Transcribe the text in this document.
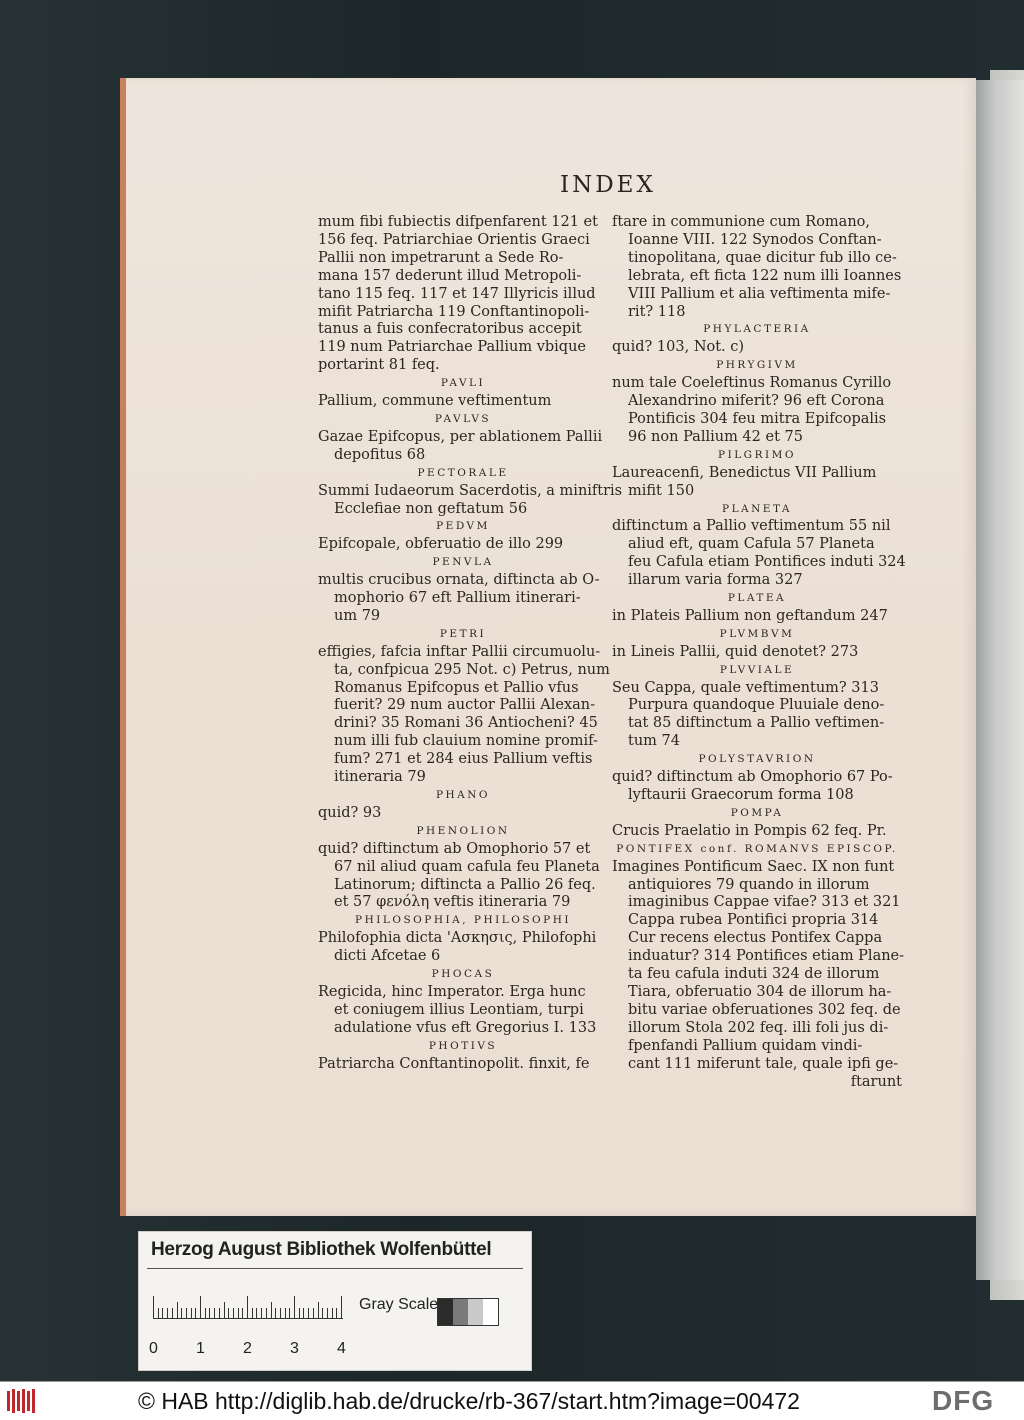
INDEX
mum fibi fubiectis difpenfarent 121 et
156 feq. Patriarchiae Orientis Graeci
Pallii non impetrarunt a Sede Ro-
mana 157 dederunt illud Metropoli-
tano 115 feq. 117 et 147 Illyricis illud
mifit Patriarcha 119 Conftantinopoli-
tanus a fuis confecratoribus accepit
119 num Patriarchae Pallium vbique
portarint 81 feq.
PAVLI
Pallium, commune veftimentum
PAVLVS
Gazae Epifcopus, per ablationem Pallii
depofitus 68
PECTORALE
Summi Iudaeorum Sacerdotis, a miniftris
Ecclefiae non geftatum 56
PEDVM
Epifcopale, obferuatio de illo 299
PENVLA
multis crucibus ornata, diftincta ab O-
mophorio 67 eft Pallium itinerari-
um 79
PETRI
effigies, fafcia inftar Pallii circumuolu-
ta, confpicua 295 Not. c) Petrus, num
Romanus Epifcopus et Pallio vfus
fuerit? 29 num auctor Pallii Alexan-
drini? 35 Romani 36 Antiocheni? 45
num illi fub clauium nomine promif-
fum? 271 et 284 eius Pallium veftis
itineraria 79
PHANO
quid? 93
PHENOLION
quid? diftinctum ab Omophorio 57 et
67 nil aliud quam cafula feu Planeta
Latinorum; diftincta a Pallio 26 feq.
et 57 φενόλη veftis itineraria 79
PHILOSOPHIA, PHILOSOPHI
Philofophia dicta 'Ασκησις, Philofophi
dicti Afcetae 6
PHOCAS
Regicida, hinc Imperator. Erga hunc
et coniugem illius Leontiam, turpi
adulatione vfus eft Gregorius I. 133
PHOTIVS
Patriarcha Conftantinopolit. finxit, fe
ftare in communione cum Romano,
Ioanne VIII. 122 Synodos Conftan-
tinopolitana, quae dicitur fub illo ce-
lebrata, eft ficta 122 num illi Ioannes
VIII Pallium et alia veftimenta mife-
rit? 118
PHYLACTERIA
quid? 103, Not. c)
PHRYGIVM
num tale Coeleftinus Romanus Cyrillo
Alexandrino miferit? 96 eft Corona
Pontificis 304 feu mitra Epifcopalis
96 non Pallium 42 et 75
PILGRIMO
Laureacenfi, Benedictus VII Pallium
mifit 150
PLANETA
diftinctum a Pallio veftimentum 55 nil
aliud eft, quam Cafula 57 Planeta
feu Cafula etiam Pontifices induti 324
illarum varia forma 327
PLATEA
in Plateis Pallium non geftandum 247
PLVMBVM
in Lineis Pallii, quid denotet? 273
PLVVIALE
Seu Cappa, quale veftimentum? 313
Purpura quandoque Pluuiale deno-
tat 85 diftinctum a Pallio veftimen-
tum 74
POLYSTAVRION
quid? diftinctum ab Omophorio 67 Po-
lyftaurii Graecorum forma 108
POMPA
Crucis Praelatio in Pompis 62 feq. Pr.
PONTIFEX conf. ROMANVS EPISCOP.
Imagines Pontificum Saec. IX non funt
antiquiores 79 quando in illorum
imaginibus Cappae vifae? 313 et 321
Cappa rubea Pontifici propria 314
Cur recens electus Pontifex Cappa
induatur? 314 Pontifices etiam Plane-
ta feu cafula induti 324 de illorum
Tiara, obferuatio 304 de illorum ha-
bitu variae obferuationes 302 feq. de
illorum Stola 202 feq. illi foli jus di-
fpenfandi Pallium quidam vindi-
cant 111 miferunt tale, quale ipfi ge-
ftarunt
Herzog August Bibliothek Wolfenbüttel
0 1 2 3 4
Gray Scale
© HAB http://diglib.hab.de/drucke/rb-367/start.htm?image=00472	DFG
